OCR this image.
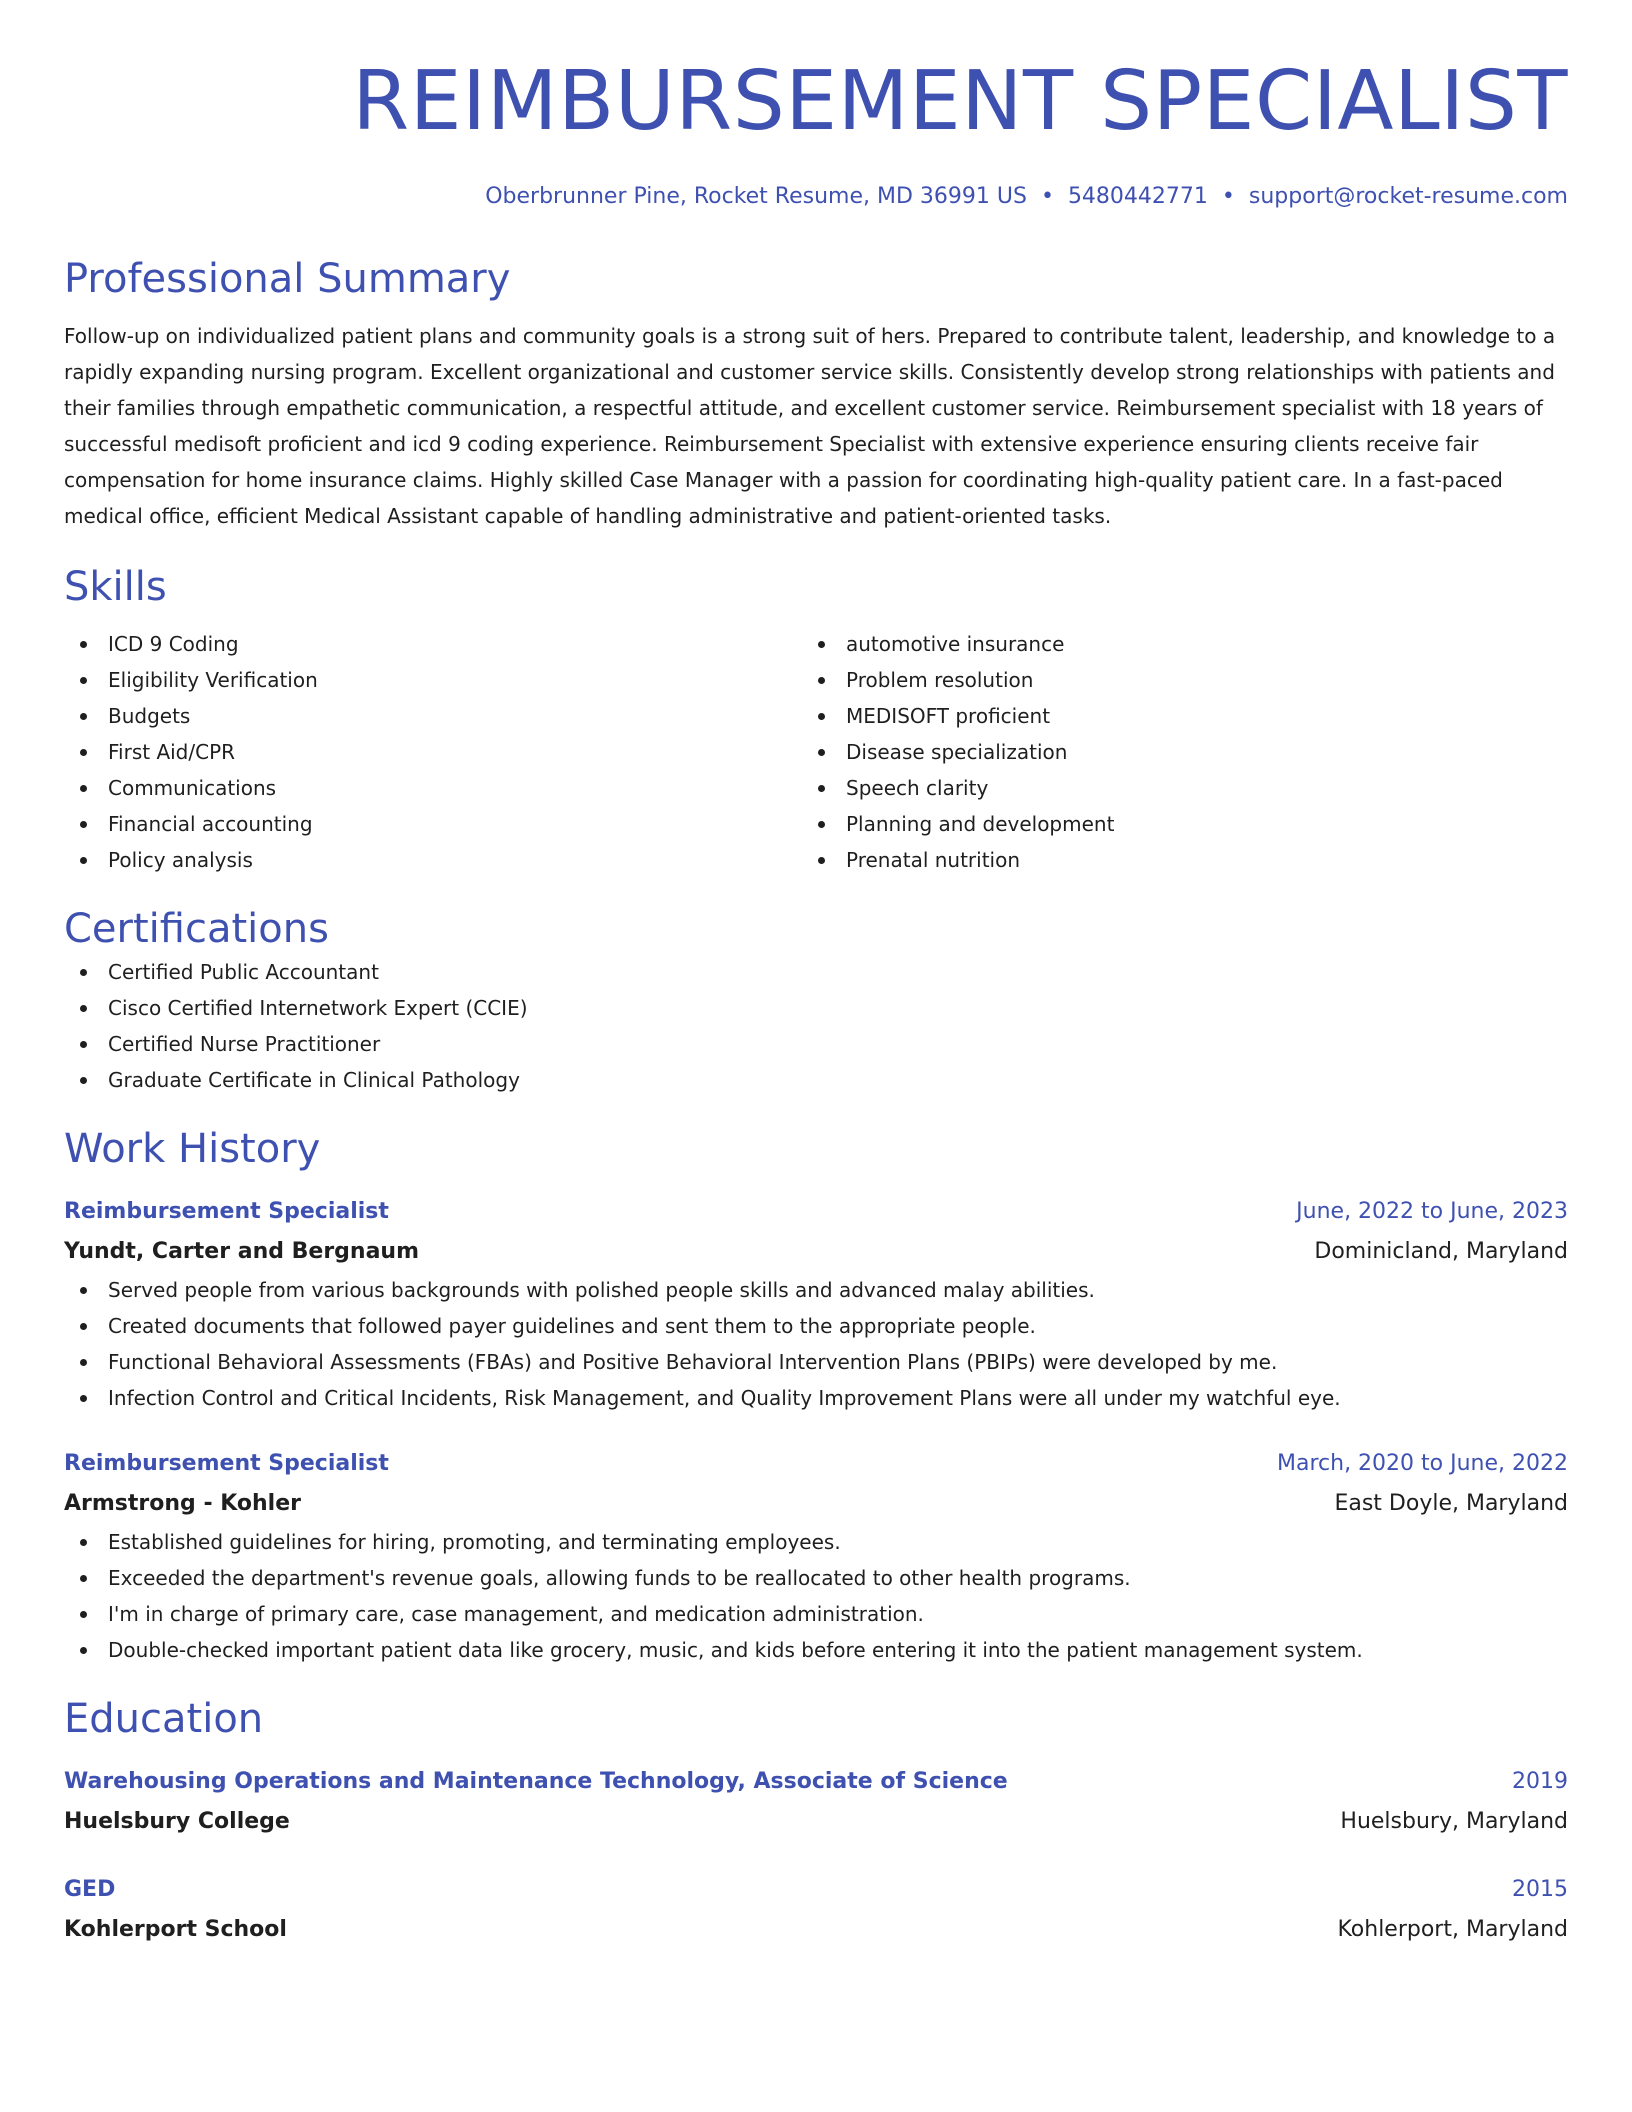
REIMBURSEMENT SPECIALIST
Oberbrunner Pine, Rocket Resume, MD 36991 US • 5480442771 • support@rocket-resume.com
Professional Summary
Follow-up on individualized patient plans and community goals is a strong suit of hers. Prepared to contribute talent, leadership, and knowledge to a rapidly expanding nursing program. Excellent organizational and customer service skills. Consistently develop strong relationships with patients and their families through empathetic communication, a respectful attitude, and excellent customer service. Reimbursement specialist with 18 years of successful medisoft proficient and icd 9 coding experience. Reimbursement Specialist with extensive experience ensuring clients receive fair compensation for home insurance claims. Highly skilled Case Manager with a passion for coordinating high-quality patient care. In a fast-paced medical office, efficient Medical Assistant capable of handling administrative and patient-oriented tasks.
Skills
ICD 9 Coding
Eligibility Verification
Budgets
First Aid/CPR
Communications
Financial accounting
Policy analysis
automotive insurance
Problem resolution
MEDISOFT proficient
Disease specialization
Speech clarity
Planning and development
Prenatal nutrition
Certifications
Certified Public Accountant
Cisco Certified Internetwork Expert (CCIE)
Certified Nurse Practitioner
Graduate Certificate in Clinical Pathology
Work History
Reimbursement Specialist	June, 2022 to June, 2023
Yundt, Carter and Bergnaum	Dominicland, Maryland
Served people from various backgrounds with polished people skills and advanced malay abilities.
Created documents that followed payer guidelines and sent them to the appropriate people.
Functional Behavioral Assessments (FBAs) and Positive Behavioral Intervention Plans (PBIPs) were developed by me.
Infection Control and Critical Incidents, Risk Management, and Quality Improvement Plans were all under my watchful eye.
Reimbursement Specialist	March, 2020 to June, 2022
Armstrong - Kohler	East Doyle, Maryland
Established guidelines for hiring, promoting, and terminating employees.
Exceeded the department's revenue goals, allowing funds to be reallocated to other health programs.
I'm in charge of primary care, case management, and medication administration.
Double-checked important patient data like grocery, music, and kids before entering it into the patient management system.
Education
Warehousing Operations and Maintenance Technology, Associate of Science	2019
Huelsbury College	Huelsbury, Maryland
GED	2015
Kohlerport School	Kohlerport, Maryland
